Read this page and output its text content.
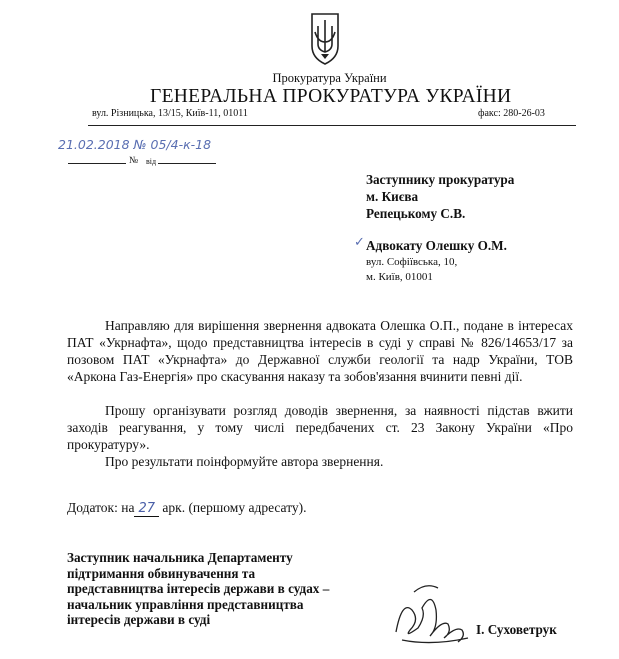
Прокуратура України
ГЕНЕРАЛЬНА ПРОКУРАТУРА УКРАЇНИ
вул. Різницька, 13/15, Київ-11, 01011	факс: 280-26-03
21.02.2018 № 05/4-к-18
№ від
Заступнику прокуратура
м. Києва
Репецькому С.В.
✓ Адвокату Олешку О.М.
вул. Софіївська, 10,
м. Київ, 01001
Направляю для вирішення звернення адвоката Олешка О.П., подане в інтересах ПАТ «Укрнафта», щодо представництва інтересів в суді у справі № 826/14653/17 за позовом ПАТ «Укрнафта» до Державної служби геології та надр України, ТОВ «Аркона Газ-Енергія» про скасування наказу та зобов'язання вчинити певні дії.
Прошу організувати розгляд доводів звернення, за наявності підстав вжити заходів реагування, у тому числі передбачених ст. 23 Закону України «Про прокуратуру».
Про результати поінформуйте автора звернення.
Додаток: на 27 арк. (першому адресату).
Заступник начальника Департаменту
підтримання обвинувачення та
представництва інтересів держави в судах –
начальник управління представництва
інтересів держави в суді
І. Суховетрук
